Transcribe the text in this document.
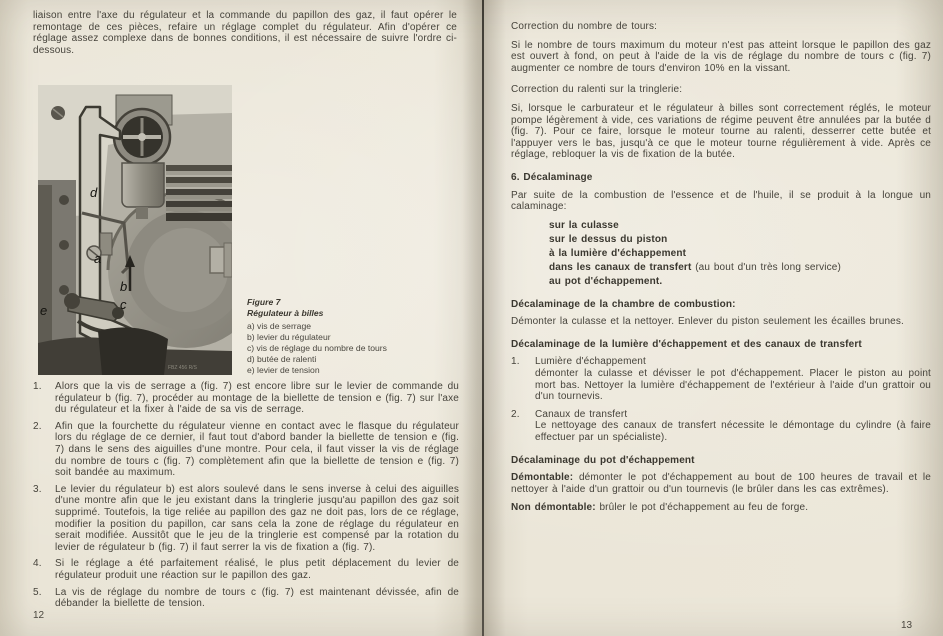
liaison entre l'axe du régulateur et la commande du papillon des gaz, il faut opérer le remontage de ces pièces, refaire un réglage complet du régulateur. Afin d'opérer ce réglage assez complexe dans de bonnes conditions, il est nécessaire de suivre l'ordre ci-dessous.
d
a
b
c
e
FBZ 456 R/S
Figure 7
Régulateur à billes
a) vis de serrage
b) levier du régulateur
c) vis de réglage du nombre de tours
d) butée de ralenti
e) levier de tension
1.	Alors que la vis de serrage a (fig. 7) est encore libre sur le levier de commande du régulateur b (fig. 7), procéder au montage de la biellette de tension e (fig. 7) sur l'axe du régulateur et la fixer à l'aide de sa vis de serrage.
2.	Afin que la fourchette du régulateur vienne en contact avec le flasque du régulateur lors du réglage de ce dernier, il faut tout d'abord bander la biellette de tension e (fig. 7) dans le sens des aiguilles d'une montre. Pour cela, il faut visser la vis de réglage du nombre de tours c (fig. 7) complètement afin que la biellette de tension e (fig. 7) soit bandée au maximum.
3.	Le levier du régulateur b) est alors soulevé dans le sens inverse à celui des aiguilles d'une montre afin que le jeu existant dans la tringlerie jusqu'au papillon des gaz soit supprimé. Toutefois, la tige reliée au papillon des gaz ne doit pas, lors de ce réglage, modifier la position du papillon, car sans cela la zone de réglage du régulateur en serait modifiée. Aussitôt que le jeu de la tringlerie est compensé par la rotation du levier de régulateur b (fig. 7) il faut serrer la vis de fixation a (fig. 7).
4.	Si le réglage a été parfaitement réalisé, le plus petit déplacement du levier de régulateur produit une réaction sur le papillon des gaz.
5.	La vis de réglage du nombre de tours c (fig. 7) est maintenant dévissée, afin de débander la biellette de tension.
12
Correction du nombre de tours:
Si le nombre de tours maximum du moteur n'est pas atteint lorsque le papillon des gaz est ouvert à fond, on peut à l'aide de la vis de réglage du nombre de tours c (fig. 7) augmenter ce nombre de tours d'environ 10% en la vissant.
Correction du ralenti sur la tringlerie:
Si, lorsque le carburateur et le régulateur à billes sont correctement réglés, le moteur pompe légèrement à vide, ces variations de régime peuvent être annulées par la butée d (fig. 7). Pour ce faire, lorsque le moteur tourne au ralenti, desserrer cette butée et l'appuyer vers le bas, jusqu'à ce que le moteur tourne régulièrement à vide. Après ce réglage, rebloquer la vis de fixation de la butée.
6. Décalaminage
Par suite de la combustion de l'essence et de l'huile, il se produit à la longue un calaminage:
sur la culasse
sur le dessus du piston
à la lumière d'échappement
dans les canaux de transfert (au bout d'un très long service)
au pot d'échappement.
Décalaminage de la chambre de combustion:
Démonter la culasse et la nettoyer. Enlever du piston seulement les écailles brunes.
Décalaminage de la lumière d'échappement et des canaux de transfert
1.	Lumière d'échappement
démonter la culasse et dévisser le pot d'échappement. Placer le piston au point mort bas. Nettoyer la lumière d'échappement de l'extérieur à l'aide d'un grattoir ou d'un tournevis.
2.	Canaux de transfert
Le nettoyage des canaux de transfert nécessite le démontage du cylindre (à faire effectuer par un spécialiste).
Décalaminage du pot d'échappement
Démontable: démonter le pot d'échappement au bout de 100 heures de travail et le nettoyer à l'aide d'un grattoir ou d'un tournevis (le brûler dans les cas extrêmes).
Non démontable: brûler le pot d'échappement au feu de forge.
13
